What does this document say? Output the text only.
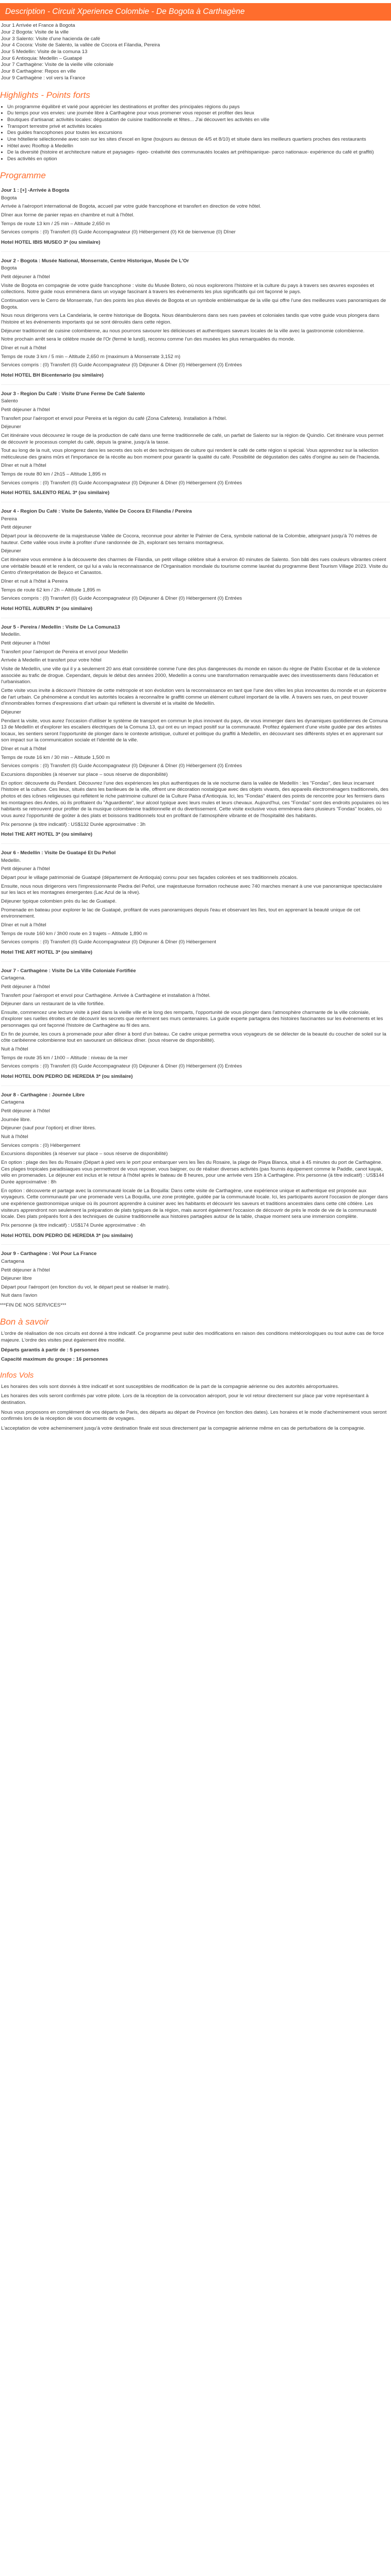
Description - Circuit Xperience Colombie - De Bogota à Carthagène
Jour 1 Arrivée et France à Bogota
Jour 2 Bogota: Visite de la ville
Jour 3 Salento: Visite d'une hacienda de café
Jour 4 Cocora: Visite de Salento, la vallée de Cocora et Filandia, Pereira
Jour 5 Medellin: Visite de la comuna 13
Jour 6 Antioquia: Medellin – Guatapé
Jour 7 Carthagène: Visite de la vieille ville coloniale
Jour 8 Carthagène: Repos en ville
Jour 9 Carthagène : vol vers la France
Highlights - Points forts
• Un programme équilibré et varié pour apprécier les destinations et profiter des principales régions du pays
• Du temps pour vos envies: une journée libre à Carthagène pour vous promener vous reposer et profiter des lieux
• Boutiques d'artisanat: activités locales: dégustation de cuisine traditionnelle et fêtes... J'ai découvert les activités en ville
• Transport terrestre privé et activités locales
• Des guides francophones pour toutes les excursions
• Une hôtellerie sélectionnée avec soin sur les sites d'excel en ligne (toujours au dessus de 4/5 et 8/10) et située dans les meilleurs quartiers proches des restaurants
• Hôtel avec Rooftop à Medellin
• De la diversité (histoire et architecture nature et paysages- rigeo- créativité des communautés locales art préhispanique- parco nationaux- expérience du café et graffiti)
• Des activités en option
Programme
Jour 1 : [+] -Arrivée à Bogota
Bogota
Arrivée à l'aéroport international de Bogota, accueil par votre guide francophone et transfert en direction de votre hôtel.
Dîner aux forme de panier repas en chambre et nuit à l'hôtel.
Temps de route 13 km / 25 min – Altitude 2,650 m
Services compris : (0) Transfert (0) Guide Accompagnateur (0) Hébergement (0) Kit de bienvenue (0) Dîner
Hotel HOTEL IBIS MUSEO 3* (ou similaire)
Jour 2 - Bogota : Musée National, Monserrate, Centre Historique, Musée De L'Or
Bogota
Petit déjeuner à l'hôtel
Visite de Bogota en compagnie de votre guide francophone : visite du Musée Botero, où nous explorerons l'histoire et la culture du pays à travers ses œuvres exposées et collections. Notre guide nous emmènera dans un voyage fascinant à travers les événements les plus significatifs qui ont façonné le pays.
Continuation vers le Cerro de Monserrate, l'un des points les plus élevés de Bogota et un symbole emblématique de la ville qui offre l'une des meilleures vues panoramiques de Bogota.
Nous nous dirigerons vers La Candelaria, le centre historique de Bogota. Nous déambulerons dans ses rues pavées et coloniales tandis que votre guide vous plongera dans l'histoire et les événements importants qui se sont déroulés dans cette région.
Déjeuner traditionnel de cuisine colombienne, au nous pourrons savourer les délicieuses et authentiques saveurs locales de la ville avec la gastronomie colombienne.
Notre prochain arrêt sera le célèbre musée de l'Or (fermé le lundi), reconnu comme l'un des musées les plus remarquables du monde.
Dîner et nuit à l'hôtel
Temps de route 3 km / 5 min – Altitude 2,650 m (maximum à Monserrate 3,152 m)
Services compris : (0) Transfert (0) Guide Accompagnateur (0) Déjeuner & Dîner (0) Hébergement (0) Entrées
Hotel HOTEL BH Bicentenario (ou similaire)
Jour 3 - Region Du Café : Visite D'une Ferme De Café Salento
Salento
Petit déjeuner à l'hôtel
Transfert pour l'aéroport et envol pour Pereira et la région du café (Zona Cafetera). Installation à l'hôtel.
Déjeuner
Cet itinéraire vous découvrez le rouge de la production de café dans une ferme traditionnelle de café, un parfait de Salento sur la région de Quindío. Cet itinéraire vous permet de découvrir le processus complet du café, depuis la graine, jusqu'à la tasse.
Tout au long de la nuit, vous plongerez dans les secrets des sols et des techniques de culture qui rendent le café de cette région si spécial. Vous apprendrez sur la sélection méticuleuse des grains mûrs et l'importance de la récolte au bon moment pour garantir la qualité du café. Possibilité de dégustation des cafés d'origine au sein de l'hacienda.
Dîner et nuit à l'hôtel
Temps de route 80 km / 2h15 – Altitude 1,895 m
Services compris : (0) Transfert (0) Guide Accompagnateur (0) Déjeuner & Dîner (0) Hébergement (0) Entrées
Hotel HOTEL SALENTO REAL 3* (ou similaire)
Jour 4 - Region Du Café : Visite De Salento, Vallée De Cocora Et Filandia / Pereira
Pereira
Petit déjeuner
Départ pour la découverte de la majestueuse Vallée de Cocora, reconnue pour abriter le Palmier de Cera, symbole national de la Colombie, atteignant jusqu'à 70 mètres de hauteur. Cette vallée vous invite à profiter d'une randonnée de 2h, explorant ses terrains montagneux.
Déjeuner
Cet itinéraire vous emmène à la découverte des charmes de Filandia, un petit village célèbre situé à environ 40 minutes de Salento. Son bâti des rues couleurs vibrantes créent une véritable beauté et le rendent, ce qui lui a valu la reconnaissance de l'Organisation mondiale du tourisme comme lauréat du programme Best Tourism Village 2023. Visite du Centro d'interprétation de Bejuco et Canastos.
Dîner et nuit à l'hôtel à Pereira
Temps de route 62 km / 2h – Altitude 1,895 m
Services compris : (0) Transfert (0) Guide Accompagnateur (0) Déjeuner & Dîner (0) Hébergement (0) Entrées
Hotel HOTEL AUBURN 3* (ou similaire)
Jour 5 - Pereira / Medellin : Visite De La Comuna13
Medellin.
Petit déjeuner à l'hôtel
Transfert pour l'aéroport de Pereira et envol pour Medellin
Arrivée à Medellin et transfert pour votre hôtel
Visite de Medellín, une ville qui il y a seulement 20 ans était considérée comme l'une des plus dangereuses du monde en raison du règne de Pablo Escobar et de la violence associée au trafic de drogue. Cependant, depuis le début des années 2000, Medellín a connu une transformation remarquable avec des investissements dans l'éducation et l'urbanisation.
Cette visite vous invite à découvrir l'histoire de cette métropole et son évolution vers la reconnaissance en tant que l'une des villes les plus innovantes du monde et un épicentre de l'art urbain. Ce phénomène a conduit les autorités locales à reconnaître le graffiti comme un élément culturel important de la ville. À travers ses rues, on peut trouver d'innombrables formes d'expressions d'art urbain qui reflètent la diversité et la vitalité de Medellín.
Déjeuner
Pendant la visite, vous aurez l'occasion d'utiliser le système de transport en commun le plus innovant du pays, de vous immerger dans les dynamiques quotidiennes de Comuna 13 de Medellín et d'explorer les escaliers électriques de la Comuna 13, qui ont eu un impact positif sur la communauté. Profitez également d'une visite guidée par des artistes locaux, les sentiers seront l'opportunité de plonger dans le contexte artistique, culturel et politique du graffiti à Medellín, en découvrant ses différents styles et en apprenant sur son impact sur la communication sociale et l'identité de la ville.
Dîner et nuit à l'hôtel
Temps de route 16 km / 30 min – Altitude 1,500 m
Services compris : (0) Transfert (0) Guide Accompagnateur (0) Déjeuner & Dîner (0) Hébergement (0) Entrées
Excursions disponibles (à réserver sur place – sous réserve de disponibilité)
En option: découverte du Pendant. Découvrez l'une des expériences les plus authentiques de la vie nocturne dans la vallée de Medellín : les "Fondas", des lieux incarnant l'histoire et la culture. Ces lieux, situés dans les banlieues de la ville, offrent une décoration nostalgique avec des objets vivants, des appareils électroménagers traditionnels, des photos et des icônes religieuses qui reflètent le riche patrimoine culturel de la Culture Paisa d'Antioquia. Ici, les "Fondas" étaient des points de rencontre pour les fermiers dans les montagnes des Andes, où ils profitaient du "Aguardiente", leur alcool typique avec leurs mules et leurs chevaux. Aujourd'hui, ces "Fondas" sont des endroits populaires où les habitants se retrouvent pour profiter de la musique colombienne traditionnelle et du divertissement. Cette visite exclusive vous emmènera dans plusieurs "Fondas" locales, où vous aurez l'opportunité de goûter à des plats et boissons traditionnels tout en profitant de l'atmosphère vibrante et de l'hospitalité des habitants.
Prix personne (à titre indicatif) : US$132 Durée approximative : 3h
Hotel THE ART HOTEL 3* (ou similaire)
Jour 6 - Medellin : Visite De Guatapé Et Du Peñol
Medellin.
Petit déjeuner à l'hôtel
Départ pour le village patrimonial de Guatapé (département de Antioquia) connu pour ses façades colorées et ses traditionnels zócalos.
Ensuite, nous nous dirigerons vers l'impressionnante Piedra del Peñol, une majestueuse formation rocheuse avec 740 marches menant à une vue panoramique spectaculaire sur les lacs et les montagnes émergentes (Lac Azul de la rêve).
Déjeuner typique colombien près du lac de Guatapé.
Promenade en bateau pour explorer le lac de Guatapé, profitant de vues panoramiques depuis l'eau et observant les îles, tout en apprenant la beauté unique de cet environnement.
Dîner et nuit à l'hôtel
Temps de route 160 km / 3h00 route en 3 trajets – Altitude 1,890 m
Services compris : (0) Transfert (0) Guide Accompagnateur (0) Déjeuner & Dîner (0) Hébergement
Hotel THE ART HOTEL 3* (ou similaire)
Jour 7 - Carthagène : Visite De La Ville Coloniale Fortifiée
Cartagena.
Petit déjeuner à l'hôtel
Transfert pour l'aéroport et envol pour Carthagène. Arrivée à Carthagène et installation à l'hôtel.
Déjeuner dans un restaurant de la ville fortifiée.
Ensuite, commencez une lecture visite à pied dans la vieille ville et le long des remparts, l'opportunité de vous plonger dans l'atmosphère charmante de la ville coloniale, d'explorer ses ruelles étroites et de découvrir les secrets que renferment ses murs centenaires. La guide experte partagera des histoires fascinantes sur les événements et les personnages qui ont façonné l'histoire de Carthagène au fil des ans.
En fin de journée, les cours à promenade pour aller dîner à bord d'un bateau. Ce cadre unique permettra vous voyageurs de se délecter de la beauté du coucher de soleil sur la côte caribéenne colombienne tout en savourant un délicieux dîner. (sous réserve de disponibilité).
Nuit à l'hôtel
Temps de route 35 km / 1h00 – Altitude : niveau de la mer
Services compris : (0) Transfert (0) Guide Accompagnateur (0) Déjeuner & Dîner (0) Hébergement (0) Entrées
Hotel HOTEL DON PEDRO DE HEREDIA 3* (ou similaire)
Jour 8 - Carthagène : Journée Libre
Cartagena
Petit déjeuner à l'hôtel
Journée libre.
Déjeuner (sauf pour l'option) et dîner libres.
Nuit à l'hôtel
Services compris : (0) Hébergement
Excursions disponibles (à réserver sur place – sous réserve de disponibilité)
En option : plage des îles du Rosaire (Départ à pied vers le port pour embarquer vers les Îles du Rosaire, la plage de Playa Blanca, situé à 45 minutes du port de Carthagène. Ces plages tropicales paradisiaques vous permettront de vous reposer, vous baigner, ou de réaliser diverses activités (pas fournis équipement comme le Paddle, canot kayak, vélo en promenades. Le déjeuner est inclus et le retour à l'hôtel après le bateau de 8 heures, pour une arrivée vers 15h à Carthagène. Prix personne (à titre indicatif) : US$144 Durée approximative : 8h
En option : découverte et partage avec la communauté locale de La Boquilla: Dans cette visite de Carthagène, une expérience unique et authentique est proposée aux voyageurs. Cette communauté par une promenade vers La Boquilla, une zone protégée, guidée par la communauté locale. Ici, les participants auront l'occasion de plonger dans une expérience gastronomique unique où ils pourront apprendre à cuisiner avec les habitants et découvrir les saveurs et traditions ancestrales dans cette cité côtière. Les visiteurs apprendront non seulement la préparation de plats typiques de la région, mais auront également l'occasion de découvrir de près le mode de vie de la communauté locale. Des plats préparés font à des techniques de cuisine traditionnelle aux histoires partagées autour de la table, chaque moment sera une immersion complète.
Prix personne (à titre indicatif) : US$174 Durée approximative : 4h
Hotel HOTEL DON PEDRO DE HEREDIA 3* (ou similaire)
Jour 9 - Carthagène : Vol Pour La France
Cartagena
Petit déjeuner à l'hôtel
Déjeuner libre
Départ pour l'aéroport (en fonction du vol, le départ peut se réaliser le matin).
Nuit dans l'avion
***FIN DE NOS SERVICES***
Bon à savoir
L'ordre de réalisation de nos circuits est donné à titre indicatif. Ce programme peut subir des modifications en raison des conditions météorologiques ou tout autre cas de force majeure. L'ordre des visites peut également être modifié.
Départs garantis à partir de : 5 personnes
Capacité maximum du groupe : 16 personnes
Infos Vols
Les horaires des vols sont donnés à titre indicatif et sont susceptibles de modification de la part de la compagnie aérienne ou des autorités aéroportuaires.
Les horaires des vols seront confirmés par votre pilote. Lors de la réception de la convocation aéroport, pour le vol retour directement sur place par votre représentant à destination.
Nous vous proposons en complément de vos départs de Paris, des départs au départ de Province (en fonction des dates). Les horaires et le mode d'acheminement vous seront confirmés lors de la réception de vos documents de voyages.
L'acceptation de votre acheminement jusqu'à votre destination finale est sous directement par la compagnie aérienne même en cas de perturbations de la compagnie.
